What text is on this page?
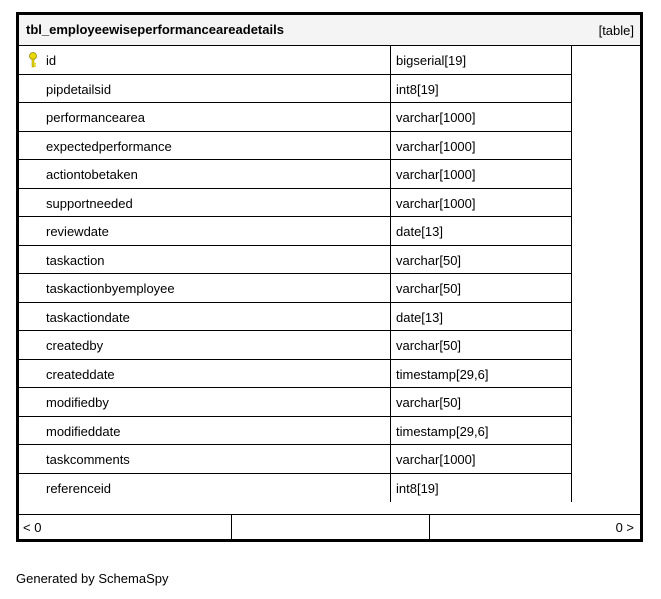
tbl_employeewiseperformanceareadetails	[table]
id	bigserial[19]
pipdetailsid	int8[19]
performancearea	varchar[1000]
expectedperformance	varchar[1000]
actiontobetaken	varchar[1000]
supportneeded	varchar[1000]
reviewdate	date[13]
taskaction	varchar[50]
taskactionbyemployee	varchar[50]
taskactiondate	date[13]
createdby	varchar[50]
createddate	timestamp[29,6]
modifiedby	varchar[50]
modifieddate	timestamp[29,6]
taskcomments	varchar[1000]
referenceid	int8[19]
< 0	0 >
Generated by SchemaSpy
